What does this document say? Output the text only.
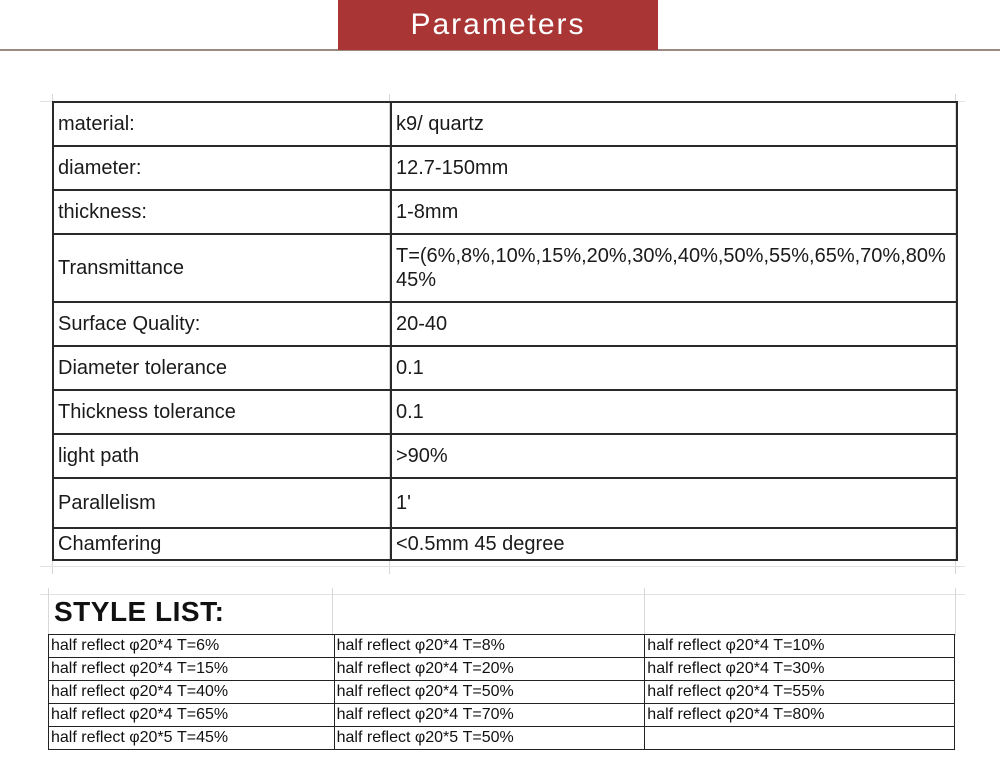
Parameters
material:	k9/ quartz
diameter:	12.7-150mm
thickness:	1-8mm
Transmittance	T=(6%,8%,10%,15%,20%,30%,40%,50%,55%,65%,70%,80% 45%
Surface Quality:	20-40
Diameter tolerance	0.1
Thickness tolerance	0.1
light path	>90%
Parallelism	1'
Chamfering	<0.5mm 45 degree
STYLE LIST:
half reflect φ20*4 T=6%	half reflect φ20*4 T=8%	half reflect φ20*4 T=10%
half reflect φ20*4 T=15%	half reflect φ20*4 T=20%	half reflect φ20*4 T=30%
half reflect φ20*4 T=40%	half reflect φ20*4 T=50%	half reflect φ20*4 T=55%
half reflect φ20*4 T=65%	half reflect φ20*4 T=70%	half reflect φ20*4 T=80%
half reflect φ20*5 T=45%	half reflect φ20*5 T=50%	
